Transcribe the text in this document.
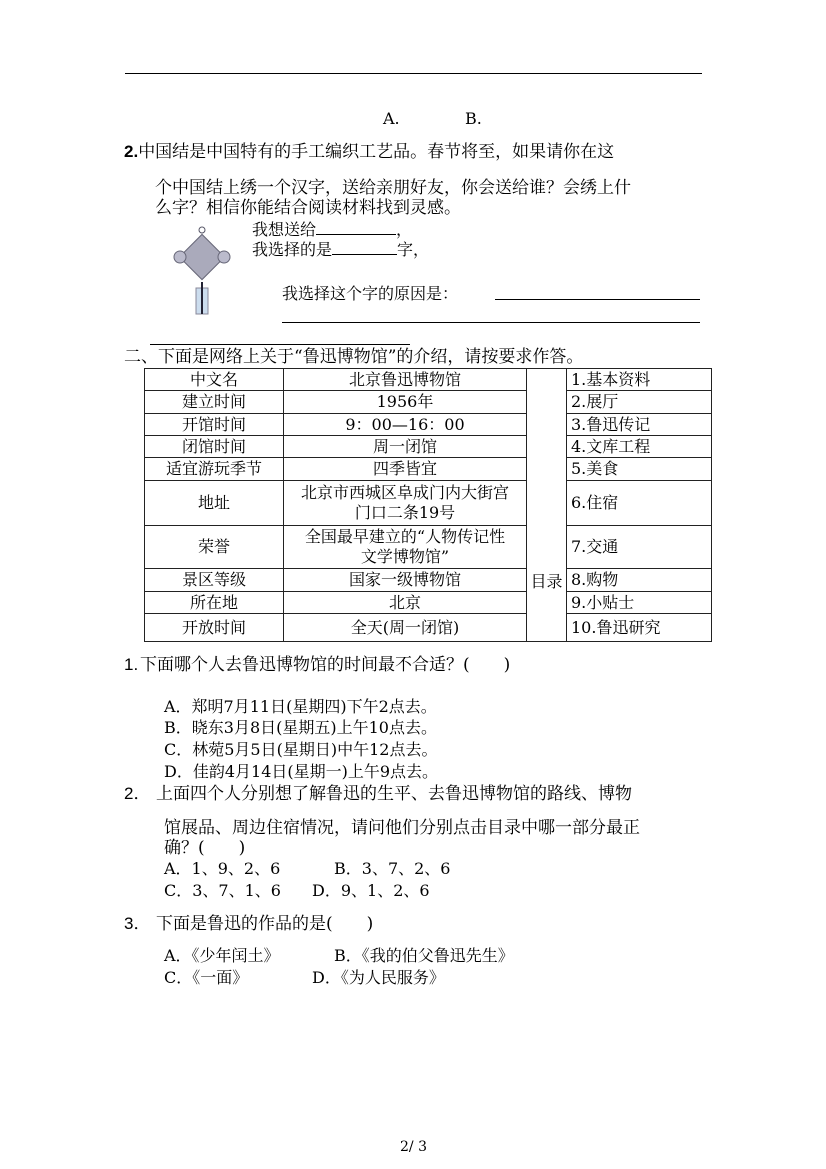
A.	B.
2.中国结是中国特有的手工编织工艺品。春节将至，如果请你在这
个中国结上绣一个汉字，送给亲朋好友，你会送给谁？会绣上什
么字？相信你能结合阅读材料找到灵感。
我想送给	，
我选择的是	字，
我选择这个字的原因是：
二、下面是网络上关于“鲁迅博物馆”的介绍，请按要求作答。
中文名	北京鲁迅博物馆	目录	1.基本资料
建立时间	1956年		2.展厅
开馆时间	9：00—16：00		3.鲁迅传记
闭馆时间	周一闭馆		4.文库工程
适宜游玩季节	四季皆宜		5.美食
地址	北京市西城区阜成门内大街宫门口二条19号		6.住宿
荣誉	全国最早建立的“人物传记性文学博物馆”		7.交通
景区等级	国家一级博物馆		8.购物
所在地	北京		9.小贴士
开放时间	全天(周一闭馆)		10.鲁迅研究
1. 下面哪个人去鲁迅博物馆的时间最不合适？(　　)
A．郑明7月11日(星期四)下午2点去。
B．晓东3月8日(星期五)上午10点去。
C．林菀5月5日(星期日)中午12点去。
D．佳韵4月14日(星期一)上午9点去。
2． 上面四个人分别想了解鲁迅的生平、去鲁迅博物馆的路线、博物
馆展品、周边住宿情况，请问他们分别点击目录中哪一部分最正
确？(　　)
A．1、9、2、6	B．3、7、2、6
C．3、7、1、6 D．9、1、2、6
3． 下面是鲁迅的作品的是(　　)
A．《少年闰土》	B．《我的伯父鲁迅先生》
C．《一面》	D．《为人民服务》
2/ 3
